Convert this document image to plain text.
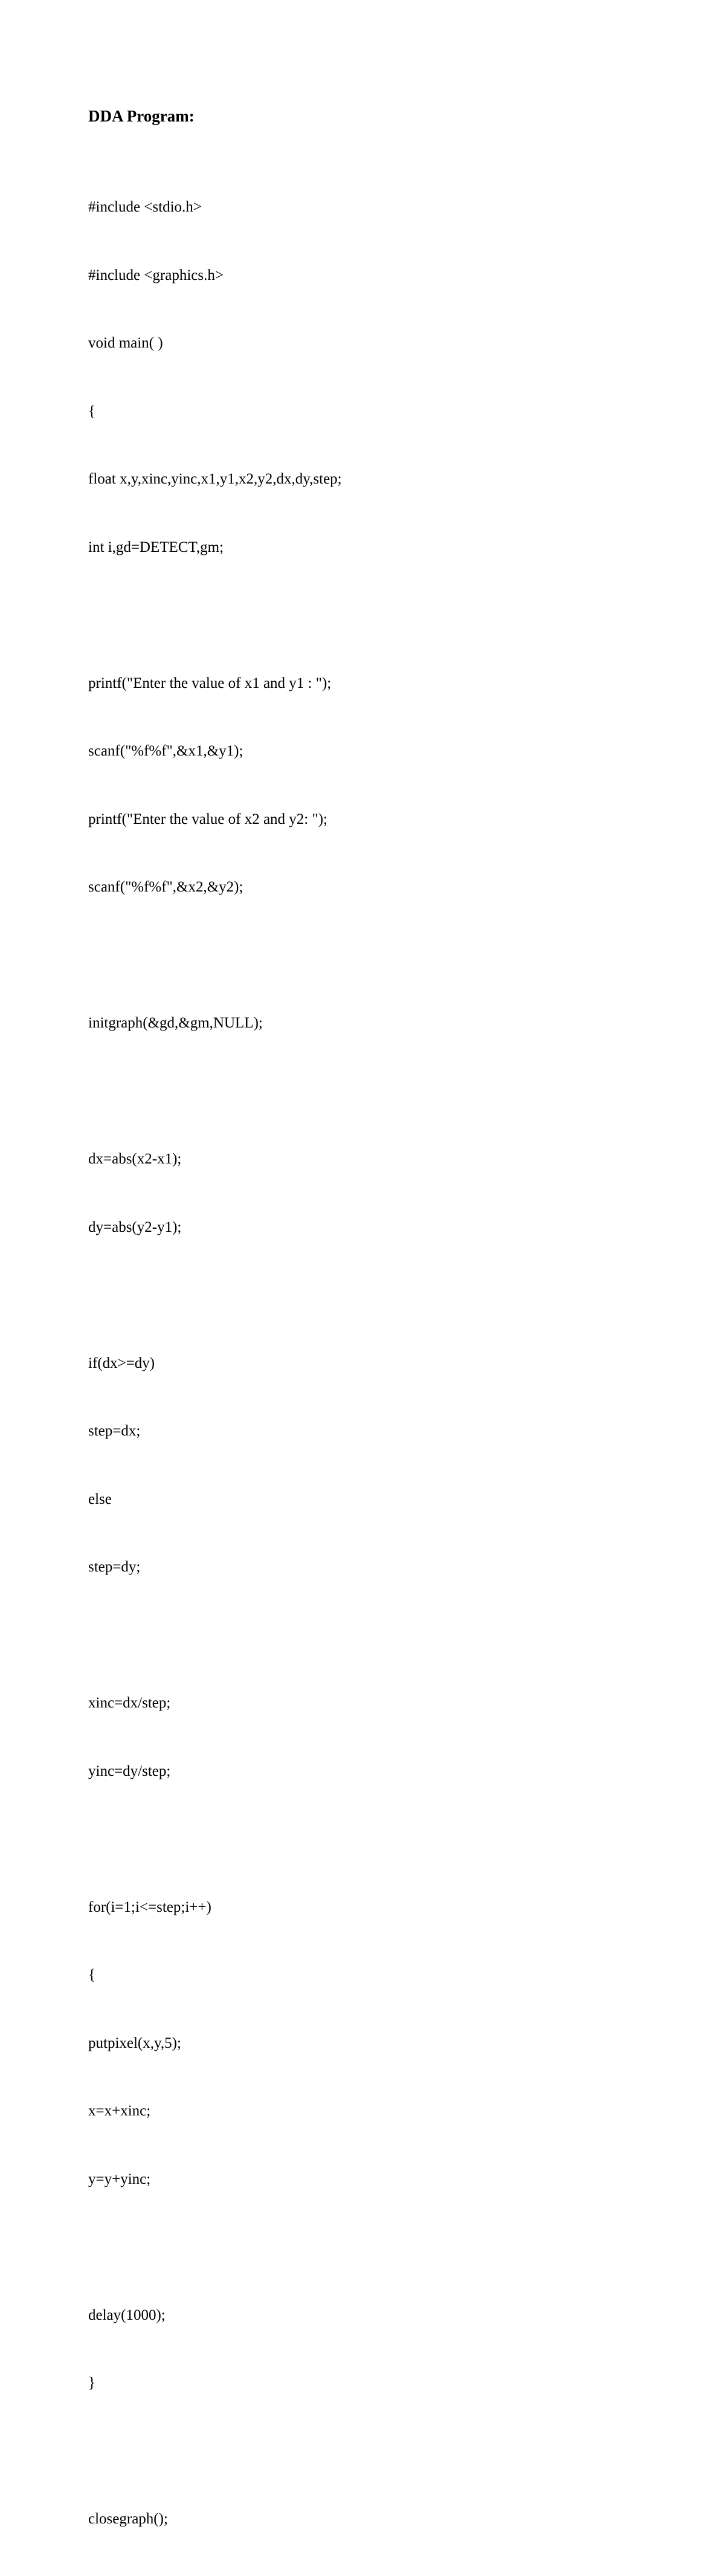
DDA Program:

#include <stdio.h>

#include <graphics.h>

void main( )

{

float x,y,xinc,yinc,x1,y1,x2,y2,dx,dy,step;

int i,gd=DETECT,gm;

printf("Enter the value of x1 and y1 : ");

scanf("%f%f",&x1,&y1);

printf("Enter the value of x2 and y2: ");

scanf("%f%f",&x2,&y2);

initgraph(&gd,&gm,NULL);

dx=abs(x2-x1);

dy=abs(y2-y1);

if(dx>=dy)

step=dx;

else

step=dy;

xinc=dx/step;

yinc=dy/step;

for(i=1;i<=step;i++)

{

putpixel(x,y,5);

x=x+xinc;

y=y+yinc;

delay(1000);

}

closegraph();
